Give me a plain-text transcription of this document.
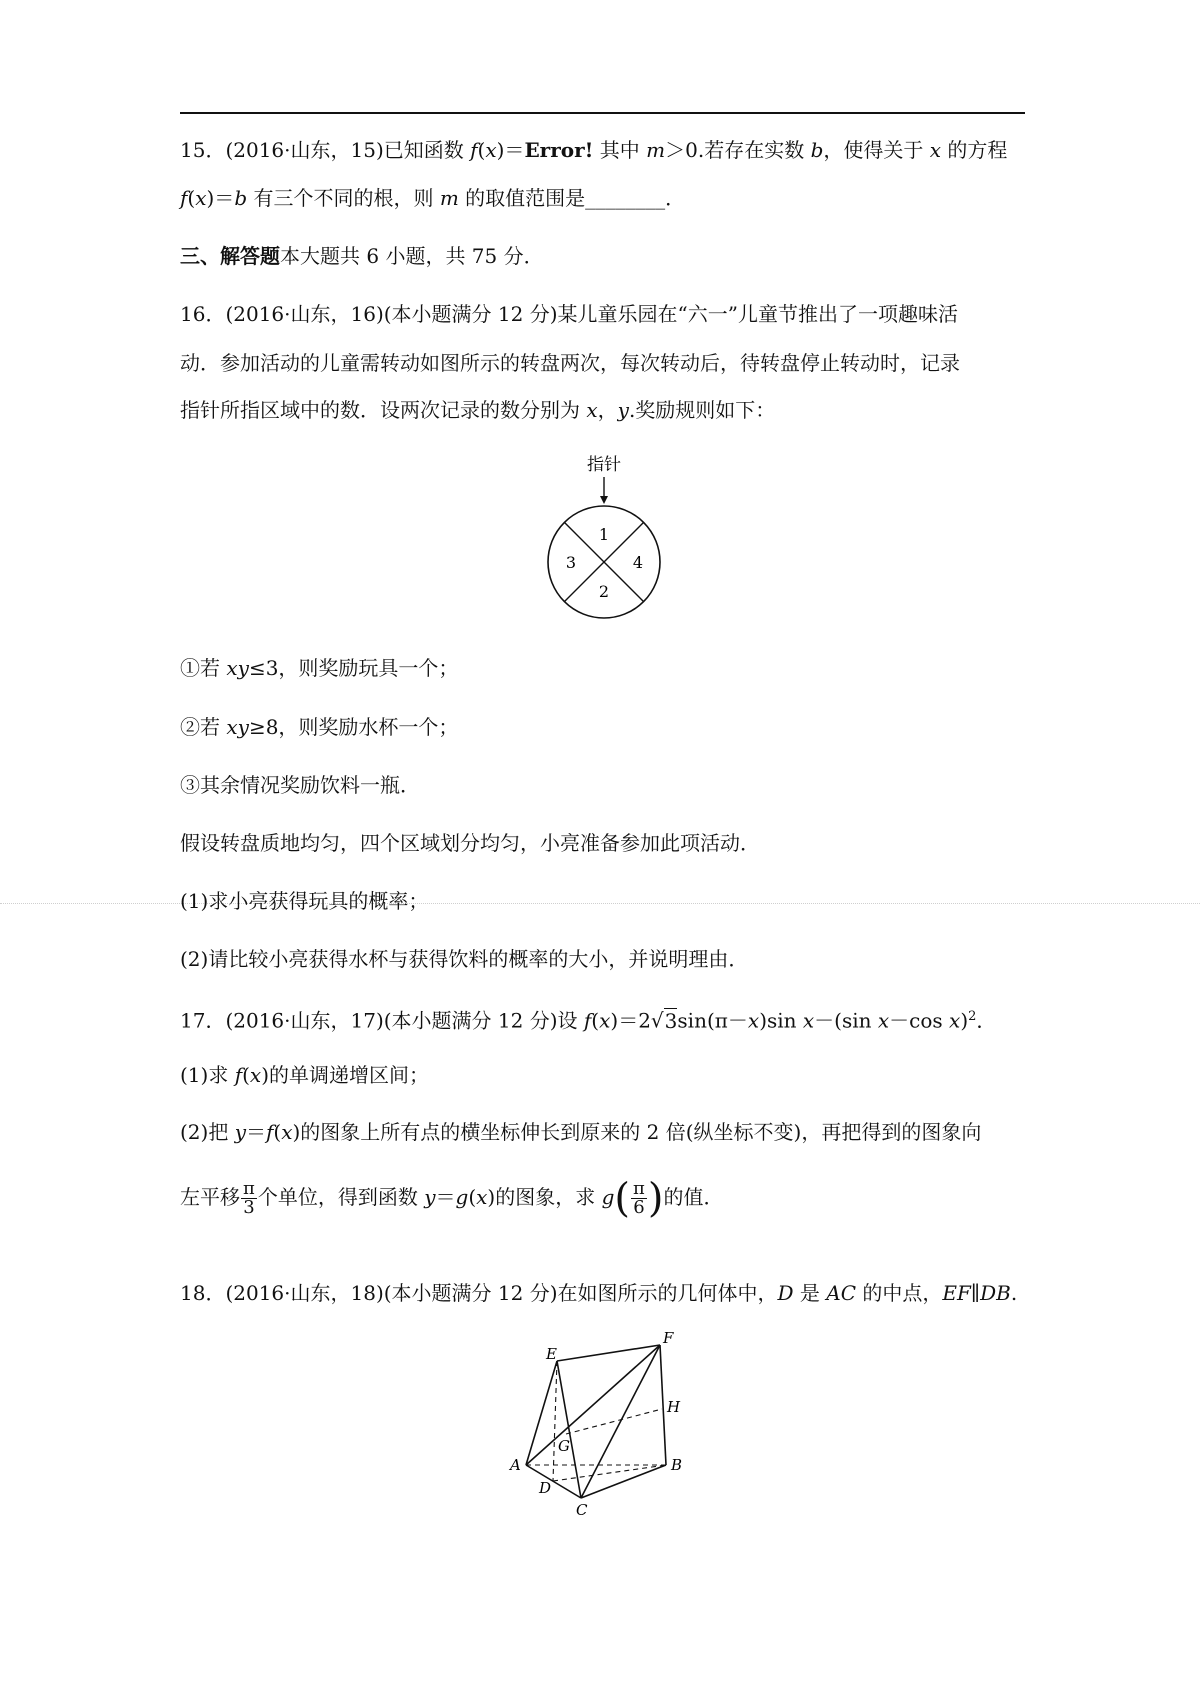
15．(2016·山东，15)已知函数 f(x)＝Error! 其中 m＞0.若存在实数 b，使得关于 x 的方程
f(x)＝b 有三个不同的根，则 m 的取值范围是________．
三、解答题本大题共 6 小题，共 75 分．
16．(2016·山东，16)(本小题满分 12 分)某儿童乐园在“六一”儿童节推出了一项趣味活
动．参加活动的儿童需转动如图所示的转盘两次，每次转动后，待转盘停止转动时，记录
指针所指区域中的数．设两次记录的数分别为 x，y.奖励规则如下：
指针
1
3	4
2
①若 xy≤3，则奖励玩具一个；
②若 xy≥8，则奖励水杯一个；
③其余情况奖励饮料一瓶．
假设转盘质地均匀，四个区域划分均匀，小亮准备参加此项活动．
(1)求小亮获得玩具的概率；
(2)请比较小亮获得水杯与获得饮料的概率的大小，并说明理由．
17．(2016·山东，17)(本小题满分 12 分)设 f(x)＝2√3sin(π－x)sin x－(sin x－cos x)$^2$．
(1)求 f(x)的单调递增区间；
(2)把 y＝f(x)的图象上所有点的横坐标伸长到原来的 2 倍(纵坐标不变)，再把得到的图象向
左平移 $\frac{\pi}{3}$ 个单位，得到函数 y＝g(x)的图象，求 $g( \frac{\pi}{6}$ )的值．
18．(2016·山东，18)(本小题满分 12 分)在如图所示的几何体中，D 是 AC 的中点，EF∥DB.
E
F
H
G
A	B
D
C
